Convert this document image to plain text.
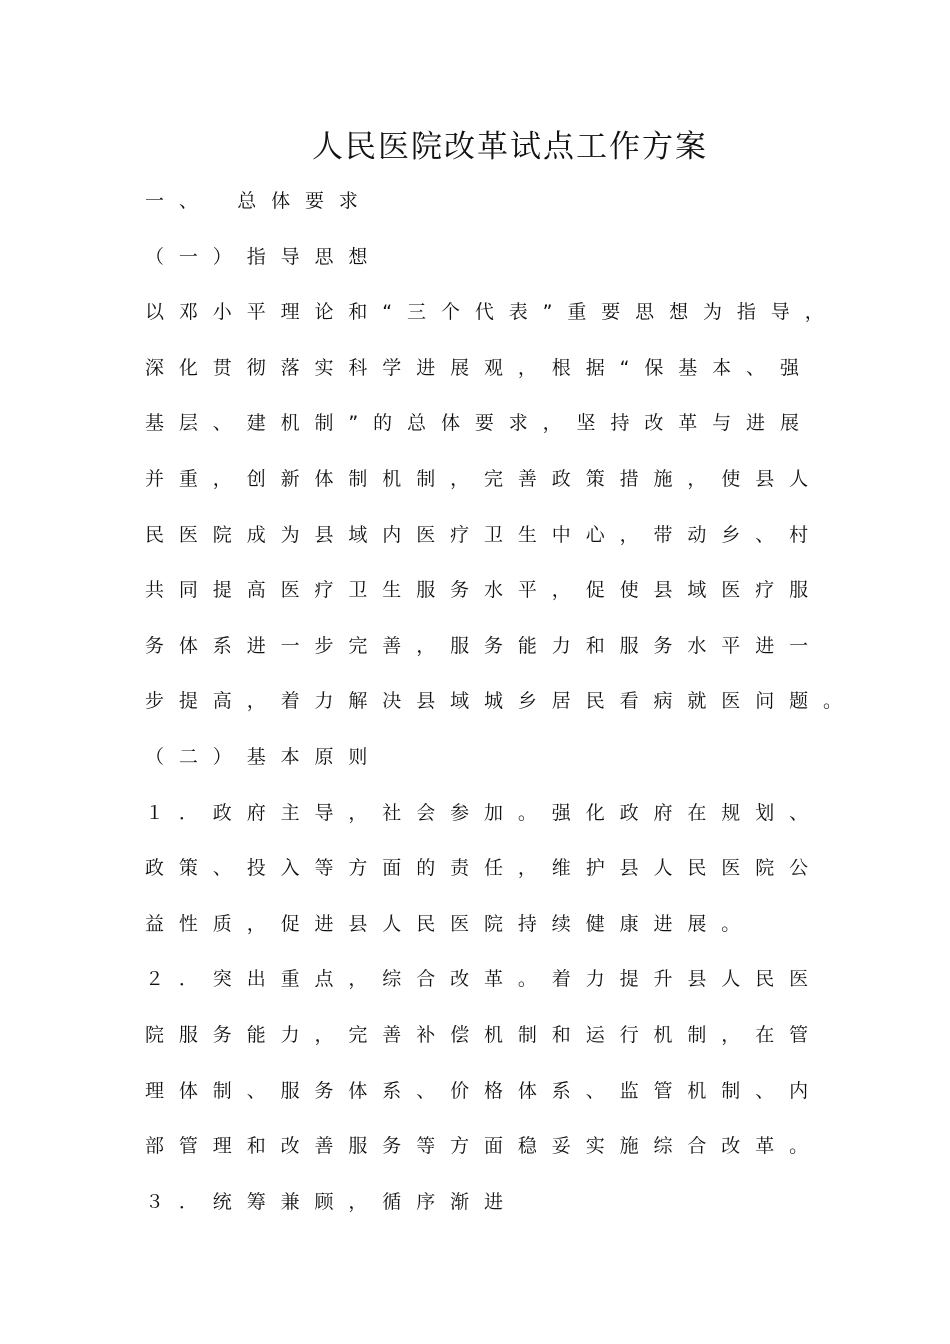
人民医院改革试点工作方案
一、　总体要求
（一）指导思想
以邓小平理论和“三个代表”重要思想为指导，
深化贯彻落实科学进展观，根据“保基本、强
基层、建机制”的总体要求，坚持改革与进展
并重，创新体制机制，完善政策措施，使县人
民医院成为县域内医疗卫生中心，带动乡、村
共同提高医疗卫生服务水平，促使县域医疗服
务体系进一步完善，服务能力和服务水平进一
步提高，着力解决县域城乡居民看病就医问题。
（二）基本原则
１．政府主导，社会参加。强化政府在规划、
政策、投入等方面的责任，维护县人民医院公
益性质，促进县人民医院持续健康进展。
２．突出重点，综合改革。着力提升县人民医
院服务能力，完善补偿机制和运行机制，在管
理体制、服务体系、价格体系、监管机制、内
部管理和改善服务等方面稳妥实施综合改革。
３．统筹兼顾，循序渐进
